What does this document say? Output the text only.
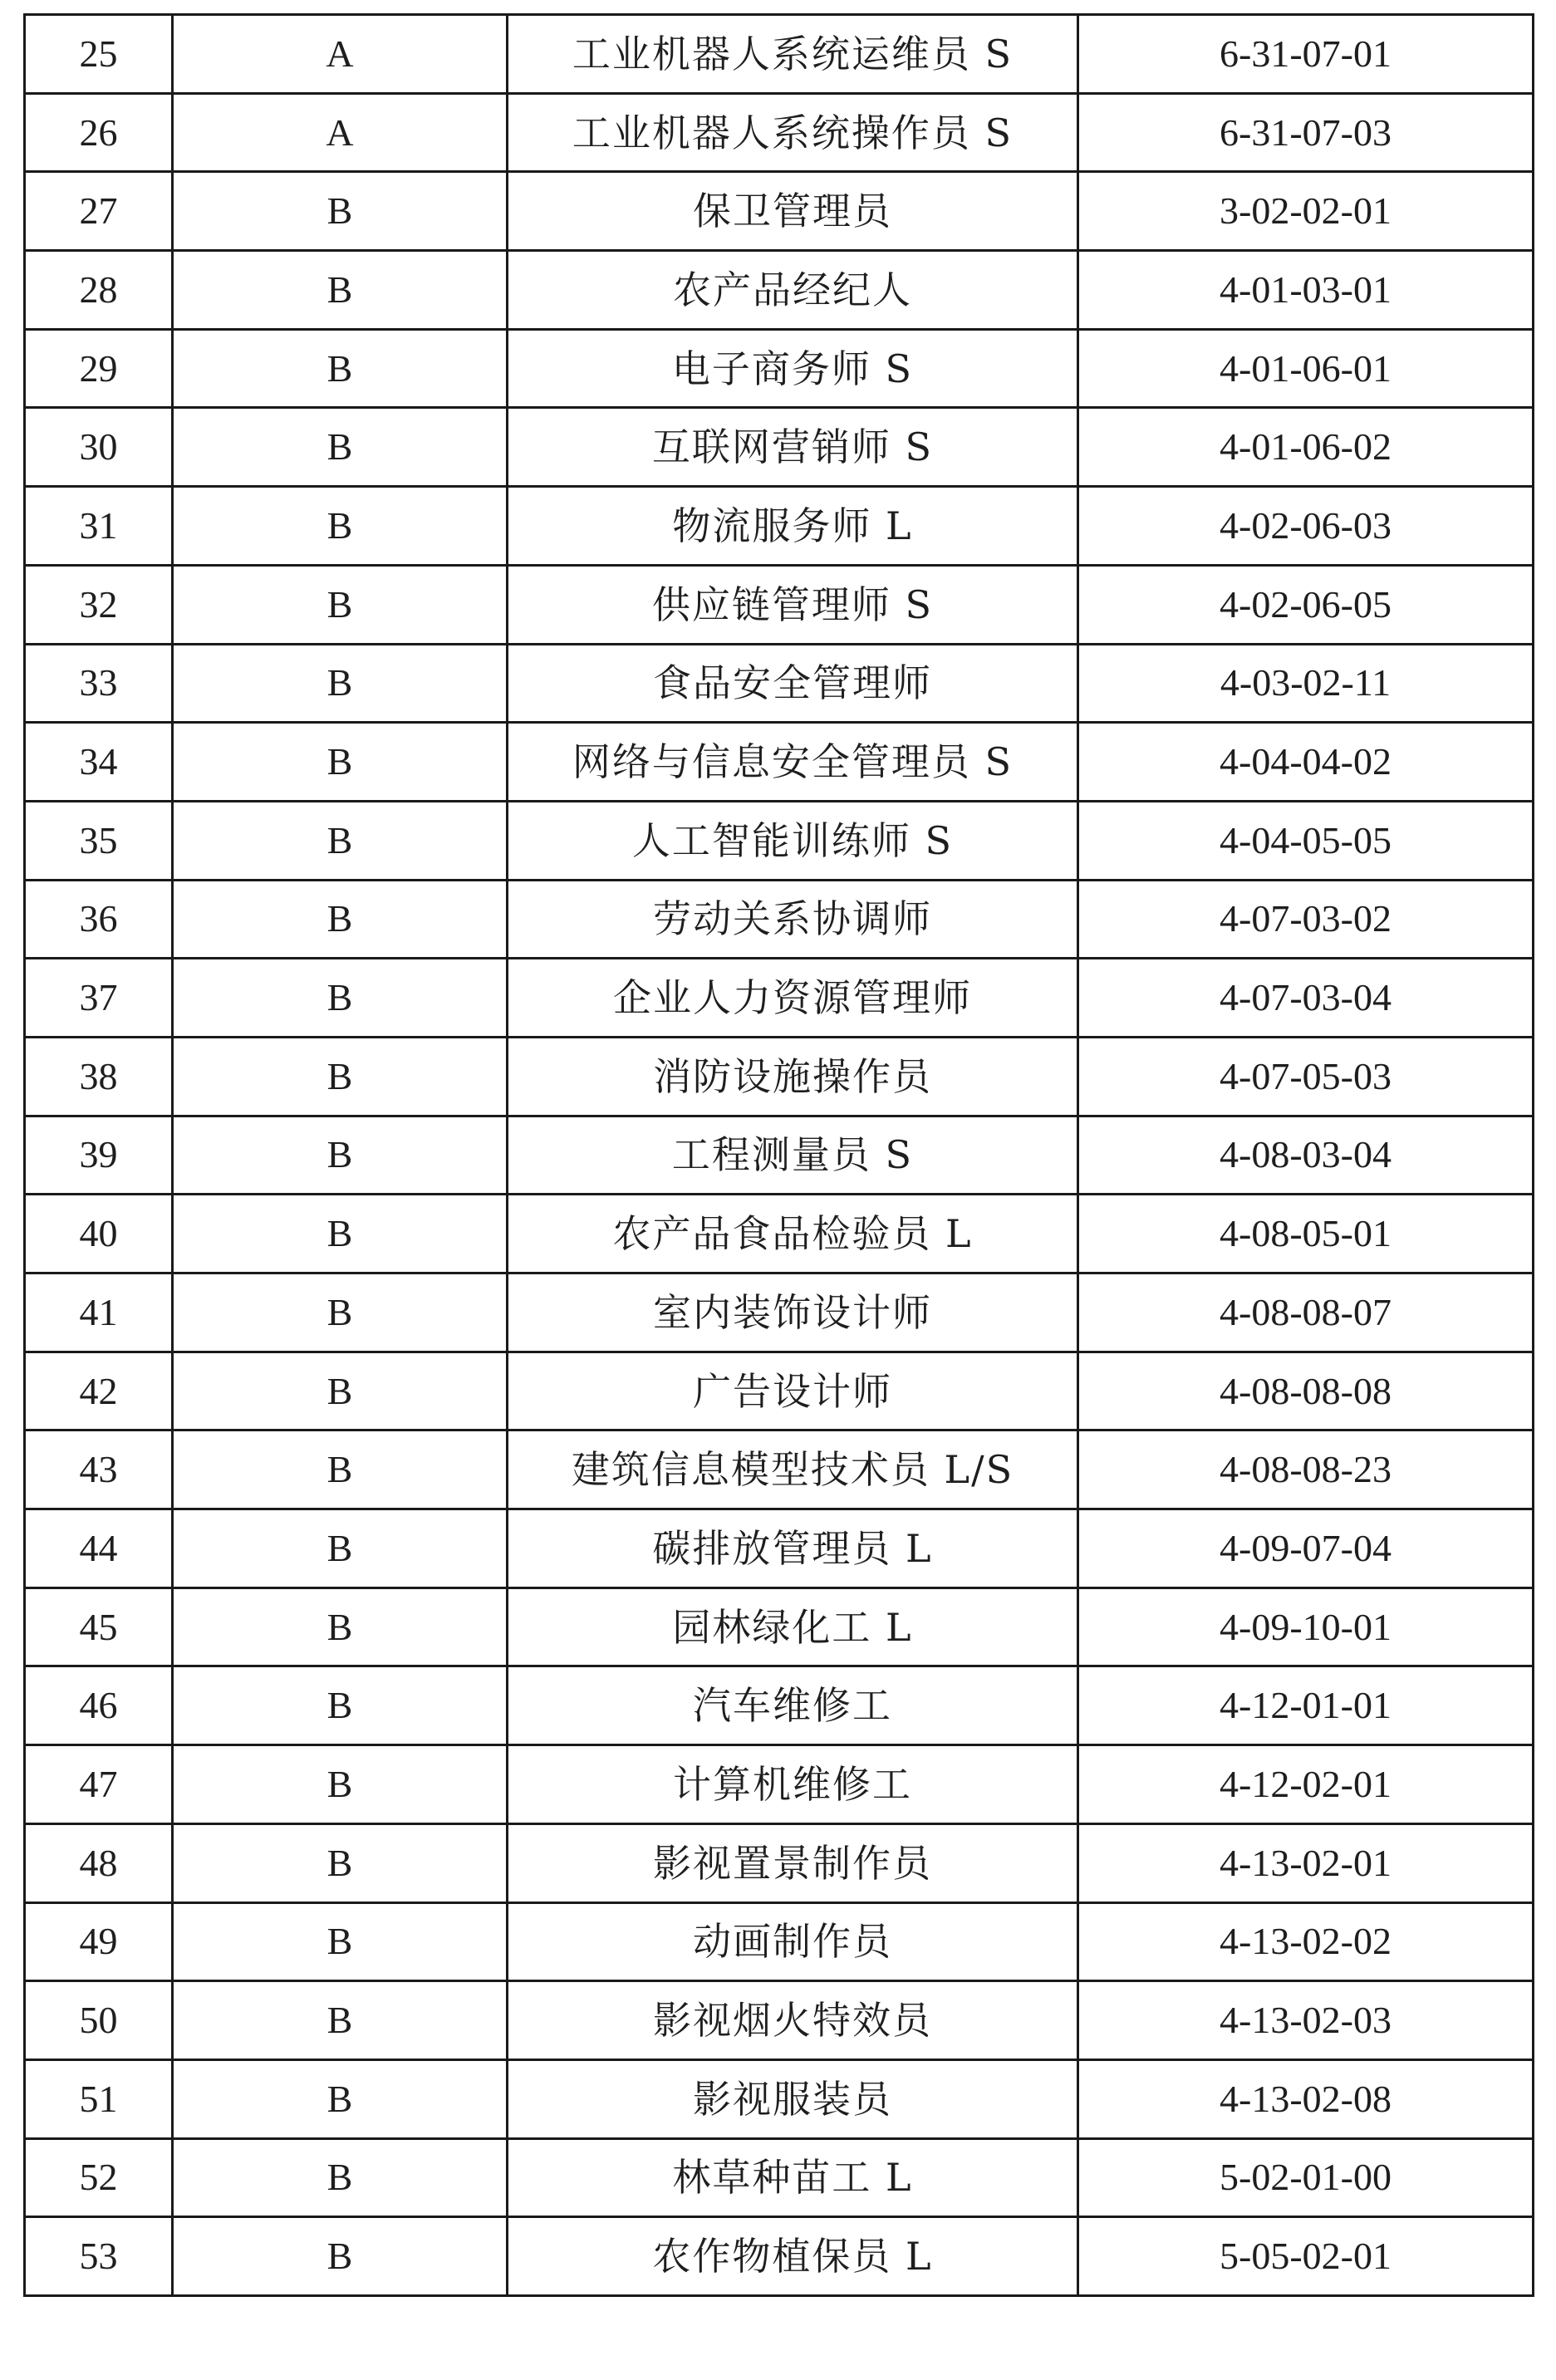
25	A	工业机器人系统运维员 S	6-31-07-01
26	A	工业机器人系统操作员 S	6-31-07-03
27	B	保卫管理员	3-02-02-01
28	B	农产品经纪人	4-01-03-01
29	B	电子商务师 S	4-01-06-01
30	B	互联网营销师 S	4-01-06-02
31	B	物流服务师 L	4-02-06-03
32	B	供应链管理师 S	4-02-06-05
33	B	食品安全管理师	4-03-02-11
34	B	网络与信息安全管理员 S	4-04-04-02
35	B	人工智能训练师 S	4-04-05-05
36	B	劳动关系协调师	4-07-03-02
37	B	企业人力资源管理师	4-07-03-04
38	B	消防设施操作员	4-07-05-03
39	B	工程测量员 S	4-08-03-04
40	B	农产品食品检验员 L	4-08-05-01
41	B	室内装饰设计师	4-08-08-07
42	B	广告设计师	4-08-08-08
43	B	建筑信息模型技术员 L/S	4-08-08-23
44	B	碳排放管理员 L	4-09-07-04
45	B	园林绿化工 L	4-09-10-01
46	B	汽车维修工	4-12-01-01
47	B	计算机维修工	4-12-02-01
48	B	影视置景制作员	4-13-02-01
49	B	动画制作员	4-13-02-02
50	B	影视烟火特效员	4-13-02-03
51	B	影视服装员	4-13-02-08
52	B	林草种苗工 L	5-02-01-00
53	B	农作物植保员 L	5-05-02-01
